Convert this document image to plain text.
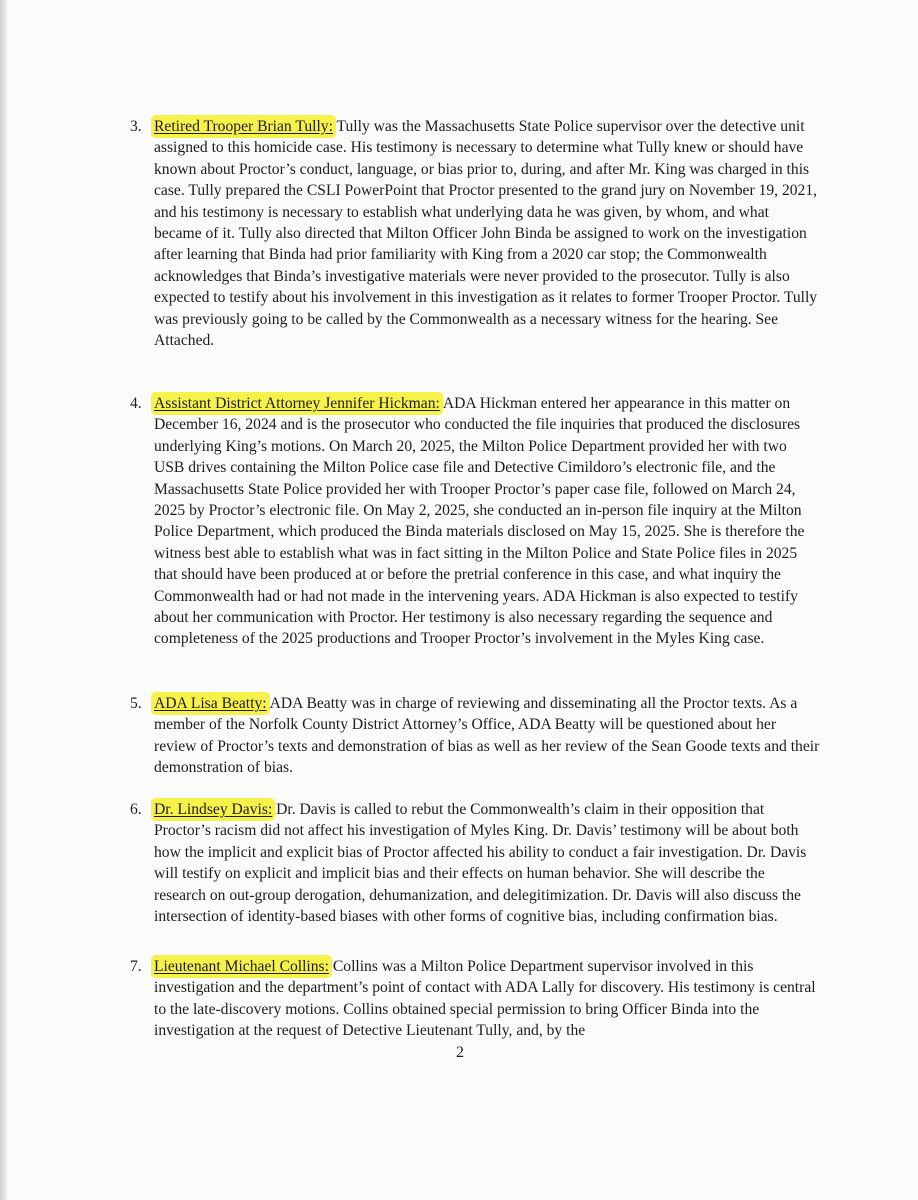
3. Retired Trooper Brian Tully: Tully was the Massachusetts State Police supervisor over the detective unit assigned to this homicide case. His testimony is necessary to determine what Tully knew or should have known about Proctor’s conduct, language, or bias prior to, during, and after Mr. King was charged in this case. Tully prepared the CSLI PowerPoint that Proctor presented to the grand jury on November 19, 2021, and his testimony is necessary to establish what underlying data he was given, by whom, and what became of it. Tully also directed that Milton Officer John Binda be assigned to work on the investigation after learning that Binda had prior familiarity with King from a 2020 car stop; the Commonwealth acknowledges that Binda’s investigative materials were never provided to the prosecutor. Tully is also expected to testify about his involvement in this investigation as it relates to former Trooper Proctor. Tully was previously going to be called by the Commonwealth as a necessary witness for the hearing. See Attached.
4. Assistant District Attorney Jennifer Hickman: ADA Hickman entered her appearance in this matter on December 16, 2024 and is the prosecutor who conducted the file inquiries that produced the disclosures underlying King’s motions. On March 20, 2025, the Milton Police Department provided her with two USB drives containing the Milton Police case file and Detective Cimildoro’s electronic file, and the Massachusetts State Police provided her with Trooper Proctor’s paper case file, followed on March 24, 2025 by Proctor’s electronic file. On May 2, 2025, she conducted an in-person file inquiry at the Milton Police Department, which produced the Binda materials disclosed on May 15, 2025. She is therefore the witness best able to establish what was in fact sitting in the Milton Police and State Police files in 2025 that should have been produced at or before the pretrial conference in this case, and what inquiry the Commonwealth had or had not made in the intervening years. ADA Hickman is also expected to testify about her communication with Proctor. Her testimony is also necessary regarding the sequence and completeness of the 2025 productions and Trooper Proctor’s involvement in the Myles King case.
5. ADA Lisa Beatty: ADA Beatty was in charge of reviewing and disseminating all the Proctor texts. As a member of the Norfolk County District Attorney’s Office, ADA Beatty will be questioned about her review of Proctor’s texts and demonstration of bias as well as her review of the Sean Goode texts and their demonstration of bias.
6. Dr. Lindsey Davis: Dr. Davis is called to rebut the Commonwealth’s claim in their opposition that Proctor’s racism did not affect his investigation of Myles King. Dr. Davis’ testimony will be about both how the implicit and explicit bias of Proctor affected his ability to conduct a fair investigation. Dr. Davis will testify on explicit and implicit bias and their effects on human behavior. She will describe the research on out-group derogation, dehumanization, and delegitimization. Dr. Davis will also discuss the intersection of identity-based biases with other forms of cognitive bias, including confirmation bias.
7. Lieutenant Michael Collins: Collins was a Milton Police Department supervisor involved in this investigation and the department’s point of contact with ADA Lally for discovery. His testimony is central to the late-discovery motions. Collins obtained special permission to bring Officer Binda into the investigation at the request of Detective Lieutenant Tully, and, by the
2
